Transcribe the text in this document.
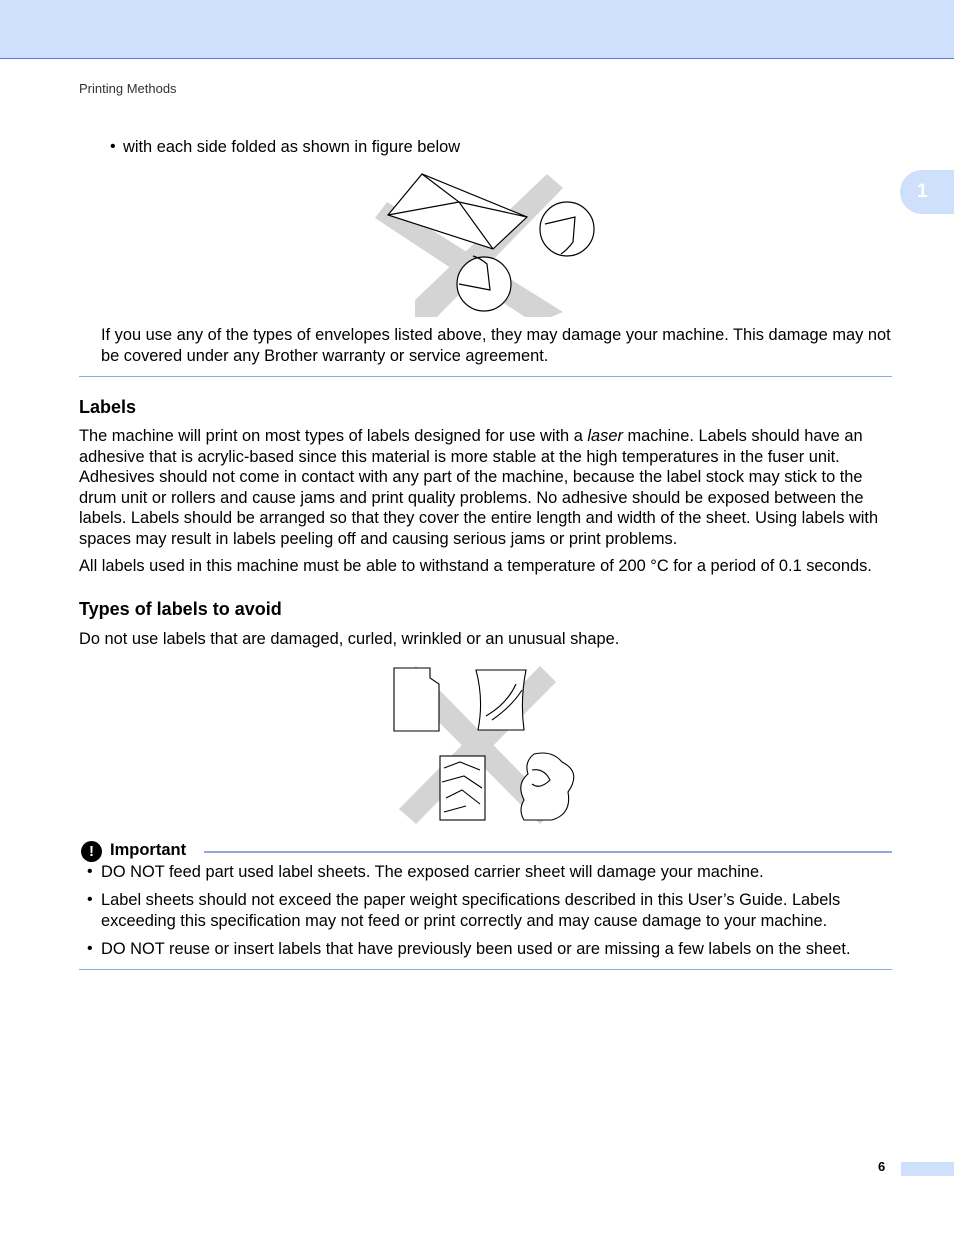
Printing Methods
1
• with each side folded as shown in figure below
If you use any of the types of envelopes listed above, they may damage your machine. This damage may not be covered under any Brother warranty or service agreement.
Labels
The machine will print on most types of labels designed for use with a laser machine. Labels should have an adhesive that is acrylic-based since this material is more stable at the high temperatures in the fuser unit. Adhesives should not come in contact with any part of the machine, because the label stock may stick to the drum unit or rollers and cause jams and print quality problems. No adhesive should be exposed between the labels. Labels should be arranged so that they cover the entire length and width of the sheet. Using labels with spaces may result in labels peeling off and causing serious jams or print problems.
All labels used in this machine must be able to withstand a temperature of 200 °C for a period of 0.1 seconds.
Types of labels to avoid
Do not use labels that are damaged, curled, wrinkled or an unusual shape.
! Important
• DO NOT feed part used label sheets. The exposed carrier sheet will damage your machine.
• Label sheets should not exceed the paper weight specifications described in this User’s Guide. Labels exceeding this specification may not feed or print correctly and may cause damage to your machine.
• DO NOT reuse or insert labels that have previously been used or are missing a few labels on the sheet.
6
